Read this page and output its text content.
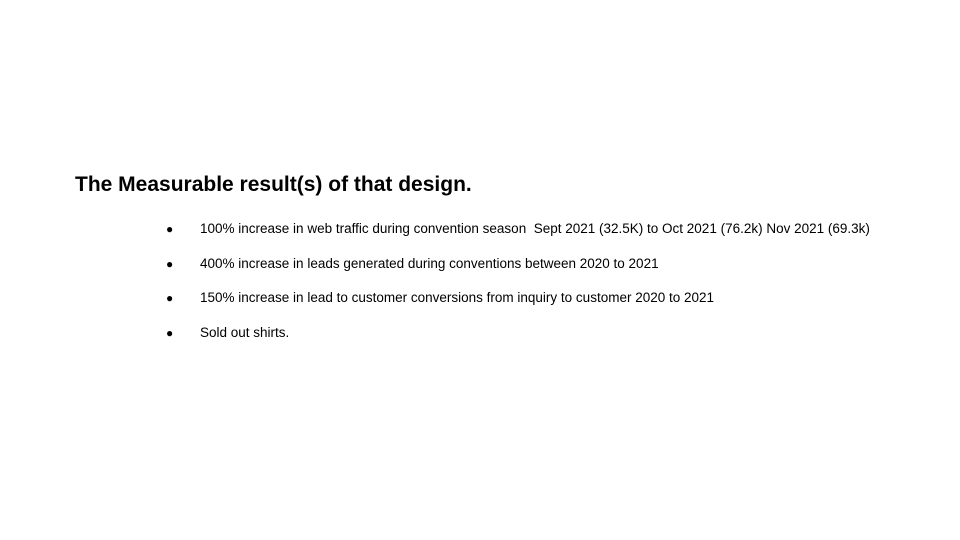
The Measurable result(s) of that design.
●	100% increase in web traffic during convention season  Sept 2021 (32.5K) to Oct 2021 (76.2k) Nov 2021 (69.3k)
●	400% increase in leads generated during conventions between 2020 to 2021
●	150% increase in lead to customer conversions from inquiry to customer 2020 to 2021
●	Sold out shirts.
